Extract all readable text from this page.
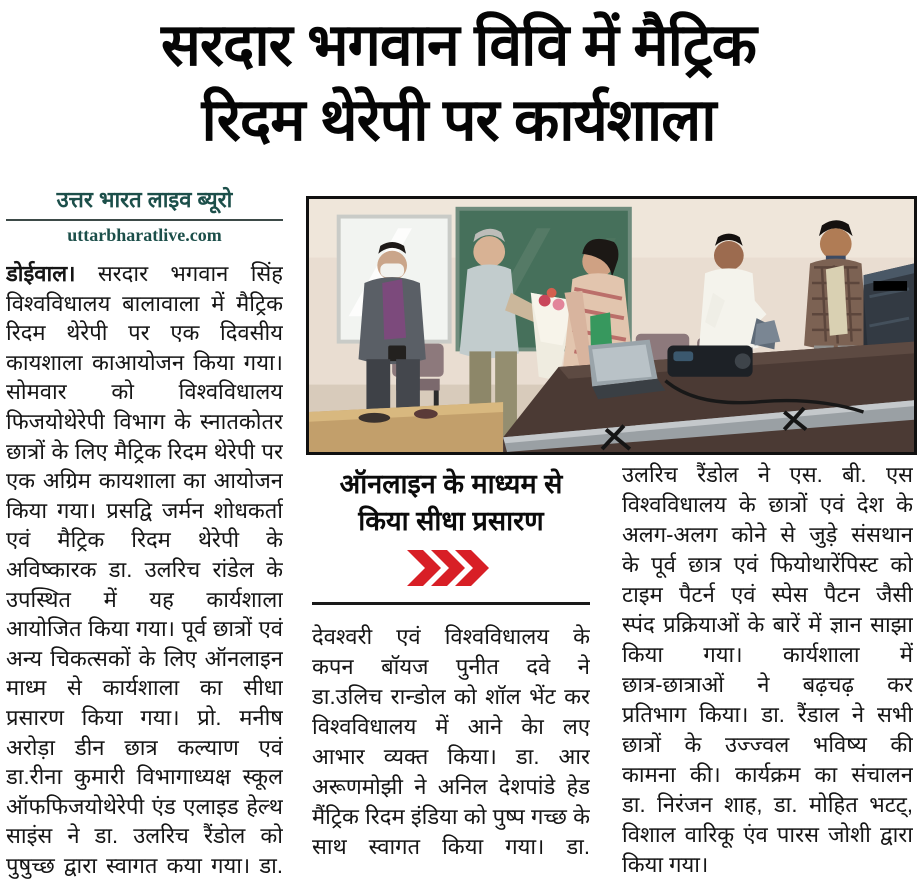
सरदार भगवान विवि में मैट्रिक
रिदम थेरेपी पर कार्यशाला
उत्तर भारत लाइव ब्यूरो
uttarbharatlive.com
डोईवाल। सरदार भगवान सिंह
विश्वविधालय बालावाला में मैट्रिक
रिदम थेरेपी पर एक दिवसीय
कायशाला काआयोजन किया गया।
सोमवार को विश्वविधालय
फिजयोथेरेपी विभाग के स्नातकोतर
छात्रों के लिए मैट्रिक रिदम थेरेपी पर
एक अग्रिम कायशाला का आयोजन
किया गया। प्रसद्वि जर्मन शोधकर्ता
एवं मैट्रिक रिदम थेरेपी के
अविष्कारक डा. उलरिच रांडेल के
उपस्थित में यह कार्यशाला
आयोजित किया गया। पूर्व छात्रों एवं
अन्य चिकत्सकों के लिए ऑनलाइन
माध्म से कार्यशाला का सीधा
प्रसारण किया गया। प्रो. मनीष
अरोड़ा डीन छात्र कल्याण एवं
डा.रीना कुमारी विभागाध्यक्ष स्कूल
ऑफफिजयोथेरेपी एंड एलाइड हेल्थ
साइंस ने डा. उलरिच रैंडोल को
पुषुच्छ द्वारा स्वागत कया गया। डा.
ऑनलाइन के माध्यम से
किया सीधा प्रसारण
देवश्वरी एवं विश्वविधालय के
कपन बॉयज पुनीत दवे ने
डा.उलिच रान्डोल को शॉल भेंट कर
विश्वविधालय में आने केा लए
आभार व्यक्त किया। डा. आर
अरूणमोझी ने अनिल देशपांडे हेड
मैंट्रिक रिदम इंडिया को पुष्प गच्छ के
साथ स्वागत किया गया। डा.
उलरिच रैंडोल ने एस. बी. एस
विश्वविधालय के छात्रों एवं देश के
अलग-अलग कोने से जुड़े संसथान
के पूर्व छात्र एवं फियोथारेंपिस्ट को
टाइम पैटर्न एवं स्पेस पैटन जैसी
स्पंद प्रक्रियाओं के बारें में ज्ञान साझा
किया गया। कार्यशाला में
छात्र-छात्राओं ने बढ़चढ़ कर
प्रतिभाग किया। डा. रैंडाल ने सभी
छात्रों के उज्ज्वल भविष्य की
कामना की। कार्यक्रम का संचालन
डा. निरंजन शाह, डा. मोहित भटट्,
विशाल वारिकू एंव पारस जोशी द्वारा
किया गया।
